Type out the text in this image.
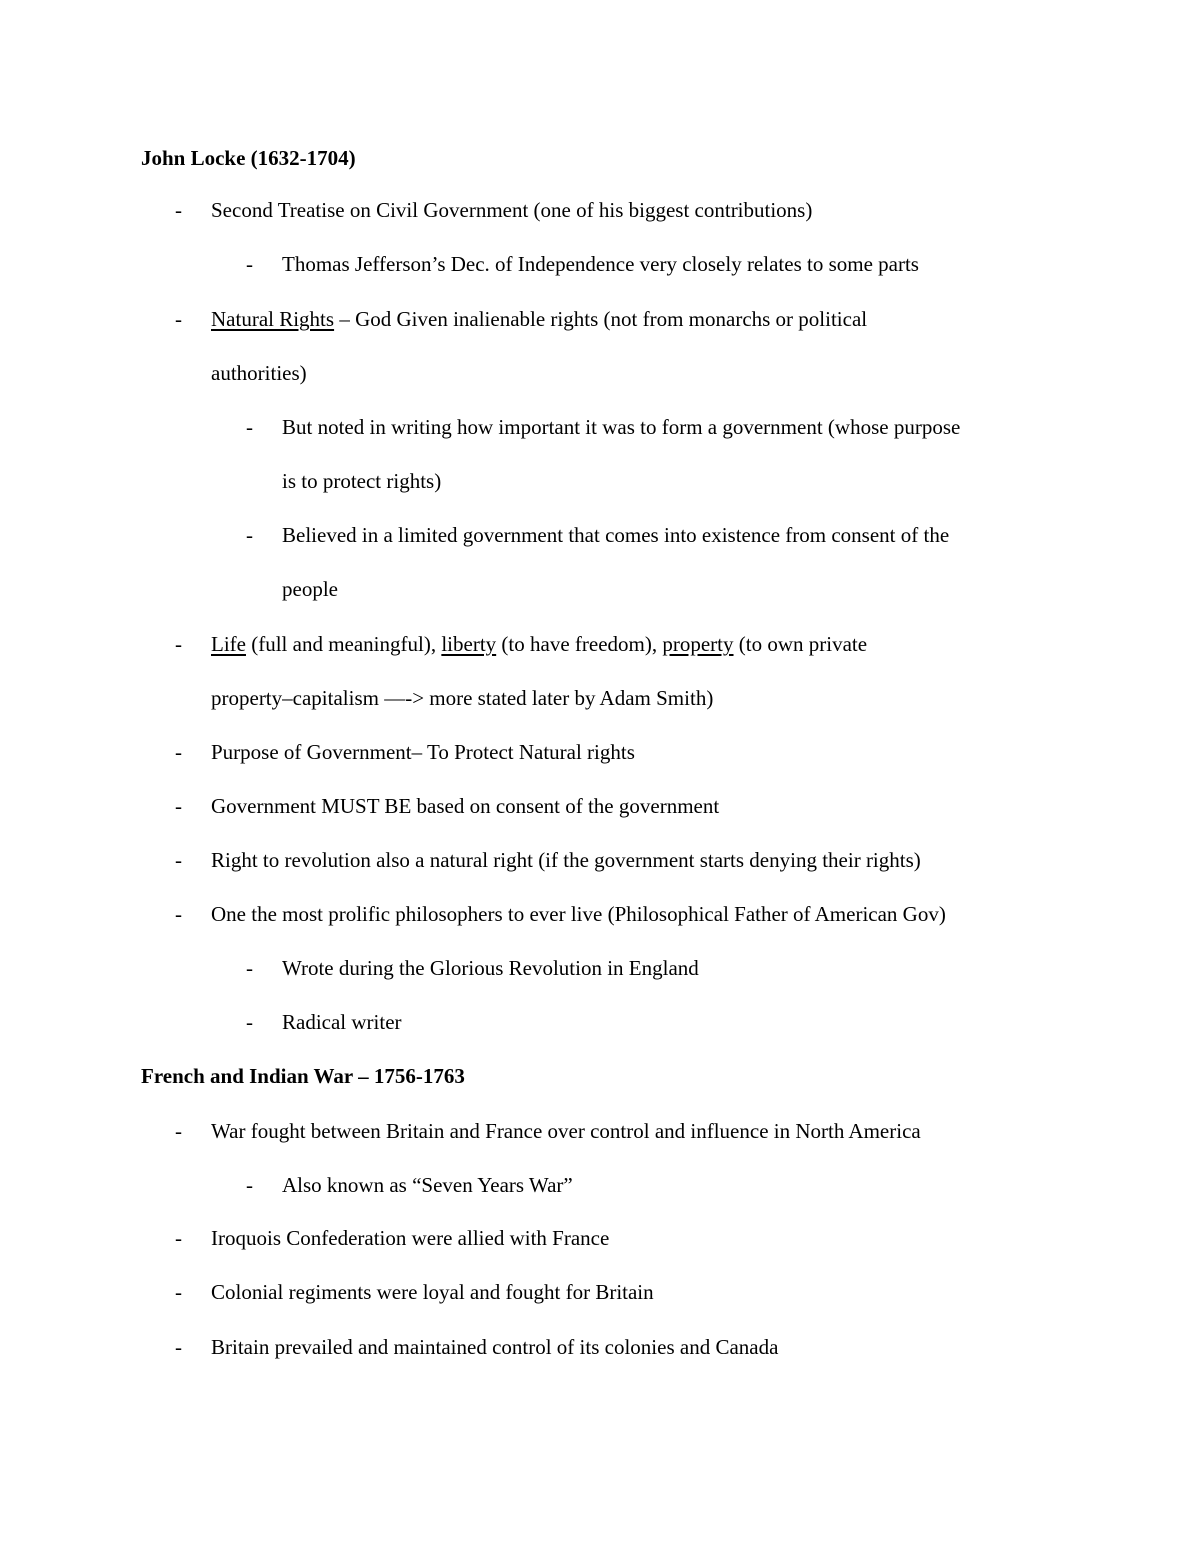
John Locke (1632-1704)
-	Second Treatise on Civil Government (one of his biggest contributions)
-	Thomas Jefferson’s Dec. of Independence very closely relates to some parts
-	Natural Rights – God Given inalienable rights (not from monarchs or political
authorities)
-	But noted in writing how important it was to form a government (whose purpose
is to protect rights)
-	Believed in a limited government that comes into existence from consent of the
people
-	Life (full and meaningful), liberty (to have freedom), property (to own private
property–capitalism —-> more stated later by Adam Smith)
-	Purpose of Government– To Protect Natural rights
-	Government MUST BE based on consent of the government
-	Right to revolution also a natural right (if the government starts denying their rights)
-	One the most prolific philosophers to ever live (Philosophical Father of American Gov)
-	Wrote during the Glorious Revolution in England
-	Radical writer
French and Indian War – 1756-1763
-	War fought between Britain and France over control and influence in North America
-	Also known as “Seven Years War”
-	Iroquois Confederation were allied with France
-	Colonial regiments were loyal and fought for Britain
-	Britain prevailed and maintained control of its colonies and Canada
